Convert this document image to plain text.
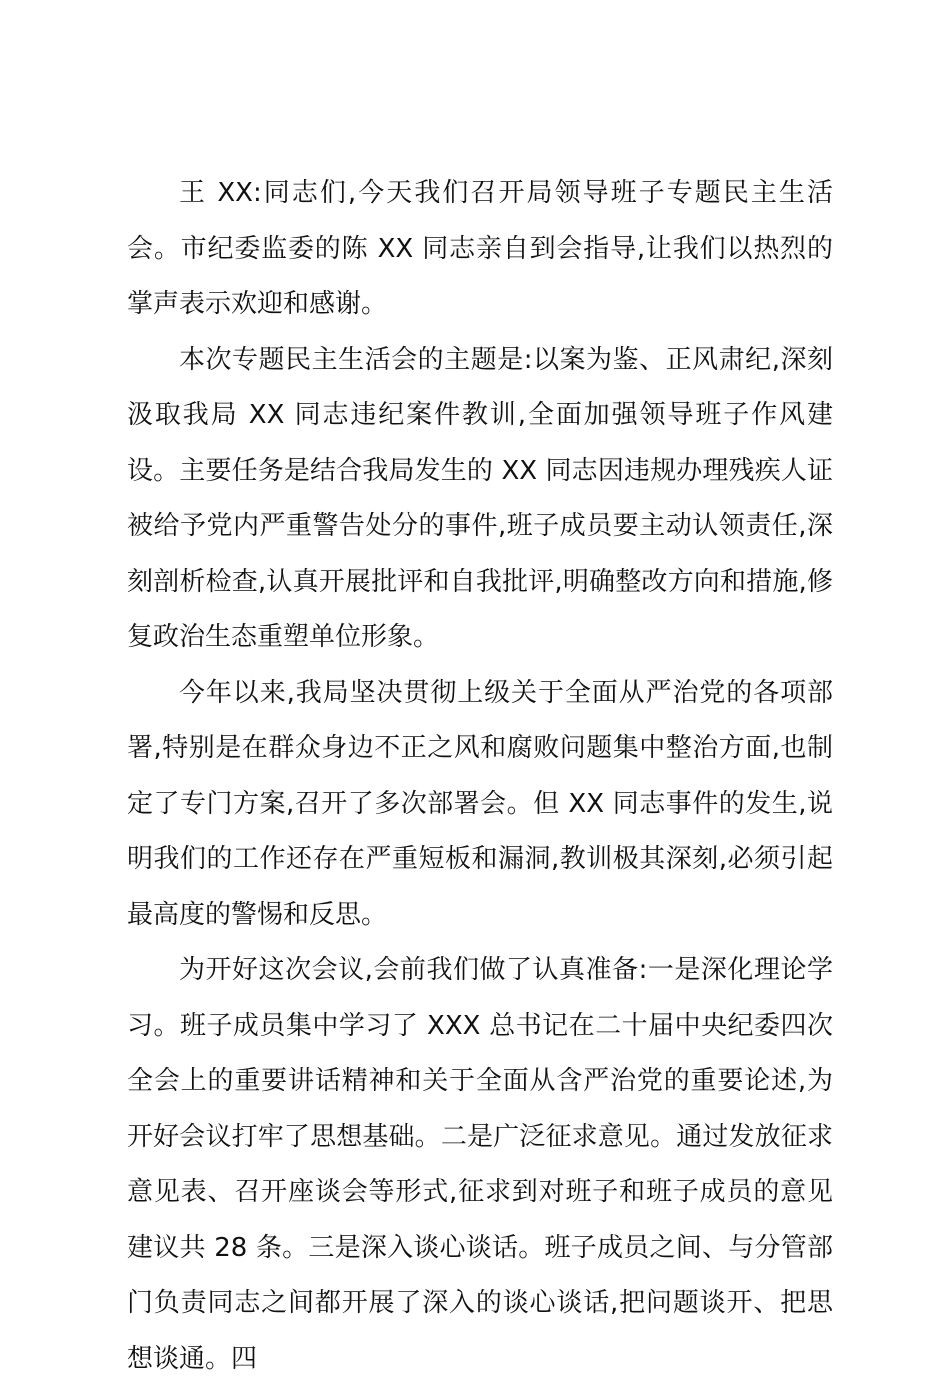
王 XX:同志们,今天我们召开局领导班子专题民主生活会。市纪委监委的陈 XX 同志亲自到会指导,让我们以热烈的掌声表示欢迎和感谢。

本次专题民主生活会的主题是:以案为鉴、正风肃纪,深刻汲取我局 XX 同志违纪案件教训,全面加强领导班子作风建设。主要任务是结合我局发生的 XX 同志因违规办理残疾人证被给予党内严重警告处分的事件,班子成员要主动认领责任,深刻剖析检查,认真开展批评和自我批评,明确整改方向和措施,修复政治生态重塑单位形象。

今年以来,我局坚决贯彻上级关于全面从严治党的各项部署,特别是在群众身边不正之风和腐败问题集中整治方面,也制定了专门方案,召开了多次部署会。但 XX 同志事件的发生,说明我们的工作还存在严重短板和漏洞,教训极其深刻,必须引起最高度的警惕和反思。

为开好这次会议,会前我们做了认真准备:一是深化理论学习。班子成员集中学习了 XXX 总书记在二十届中央纪委四次全会上的重要讲话精神和关于全面从含严治党的重要论述,为开好会议打牢了思想基础。二是广泛征求意见。通过发放征求意见表、召开座谈会等形式,征求到对班子和班子成员的意见建议共 28 条。三是深入谈心谈话。班子成员之间、与分管部门负责同志之间都开展了深入的谈心谈话,把问题谈开、把思想谈通。四
